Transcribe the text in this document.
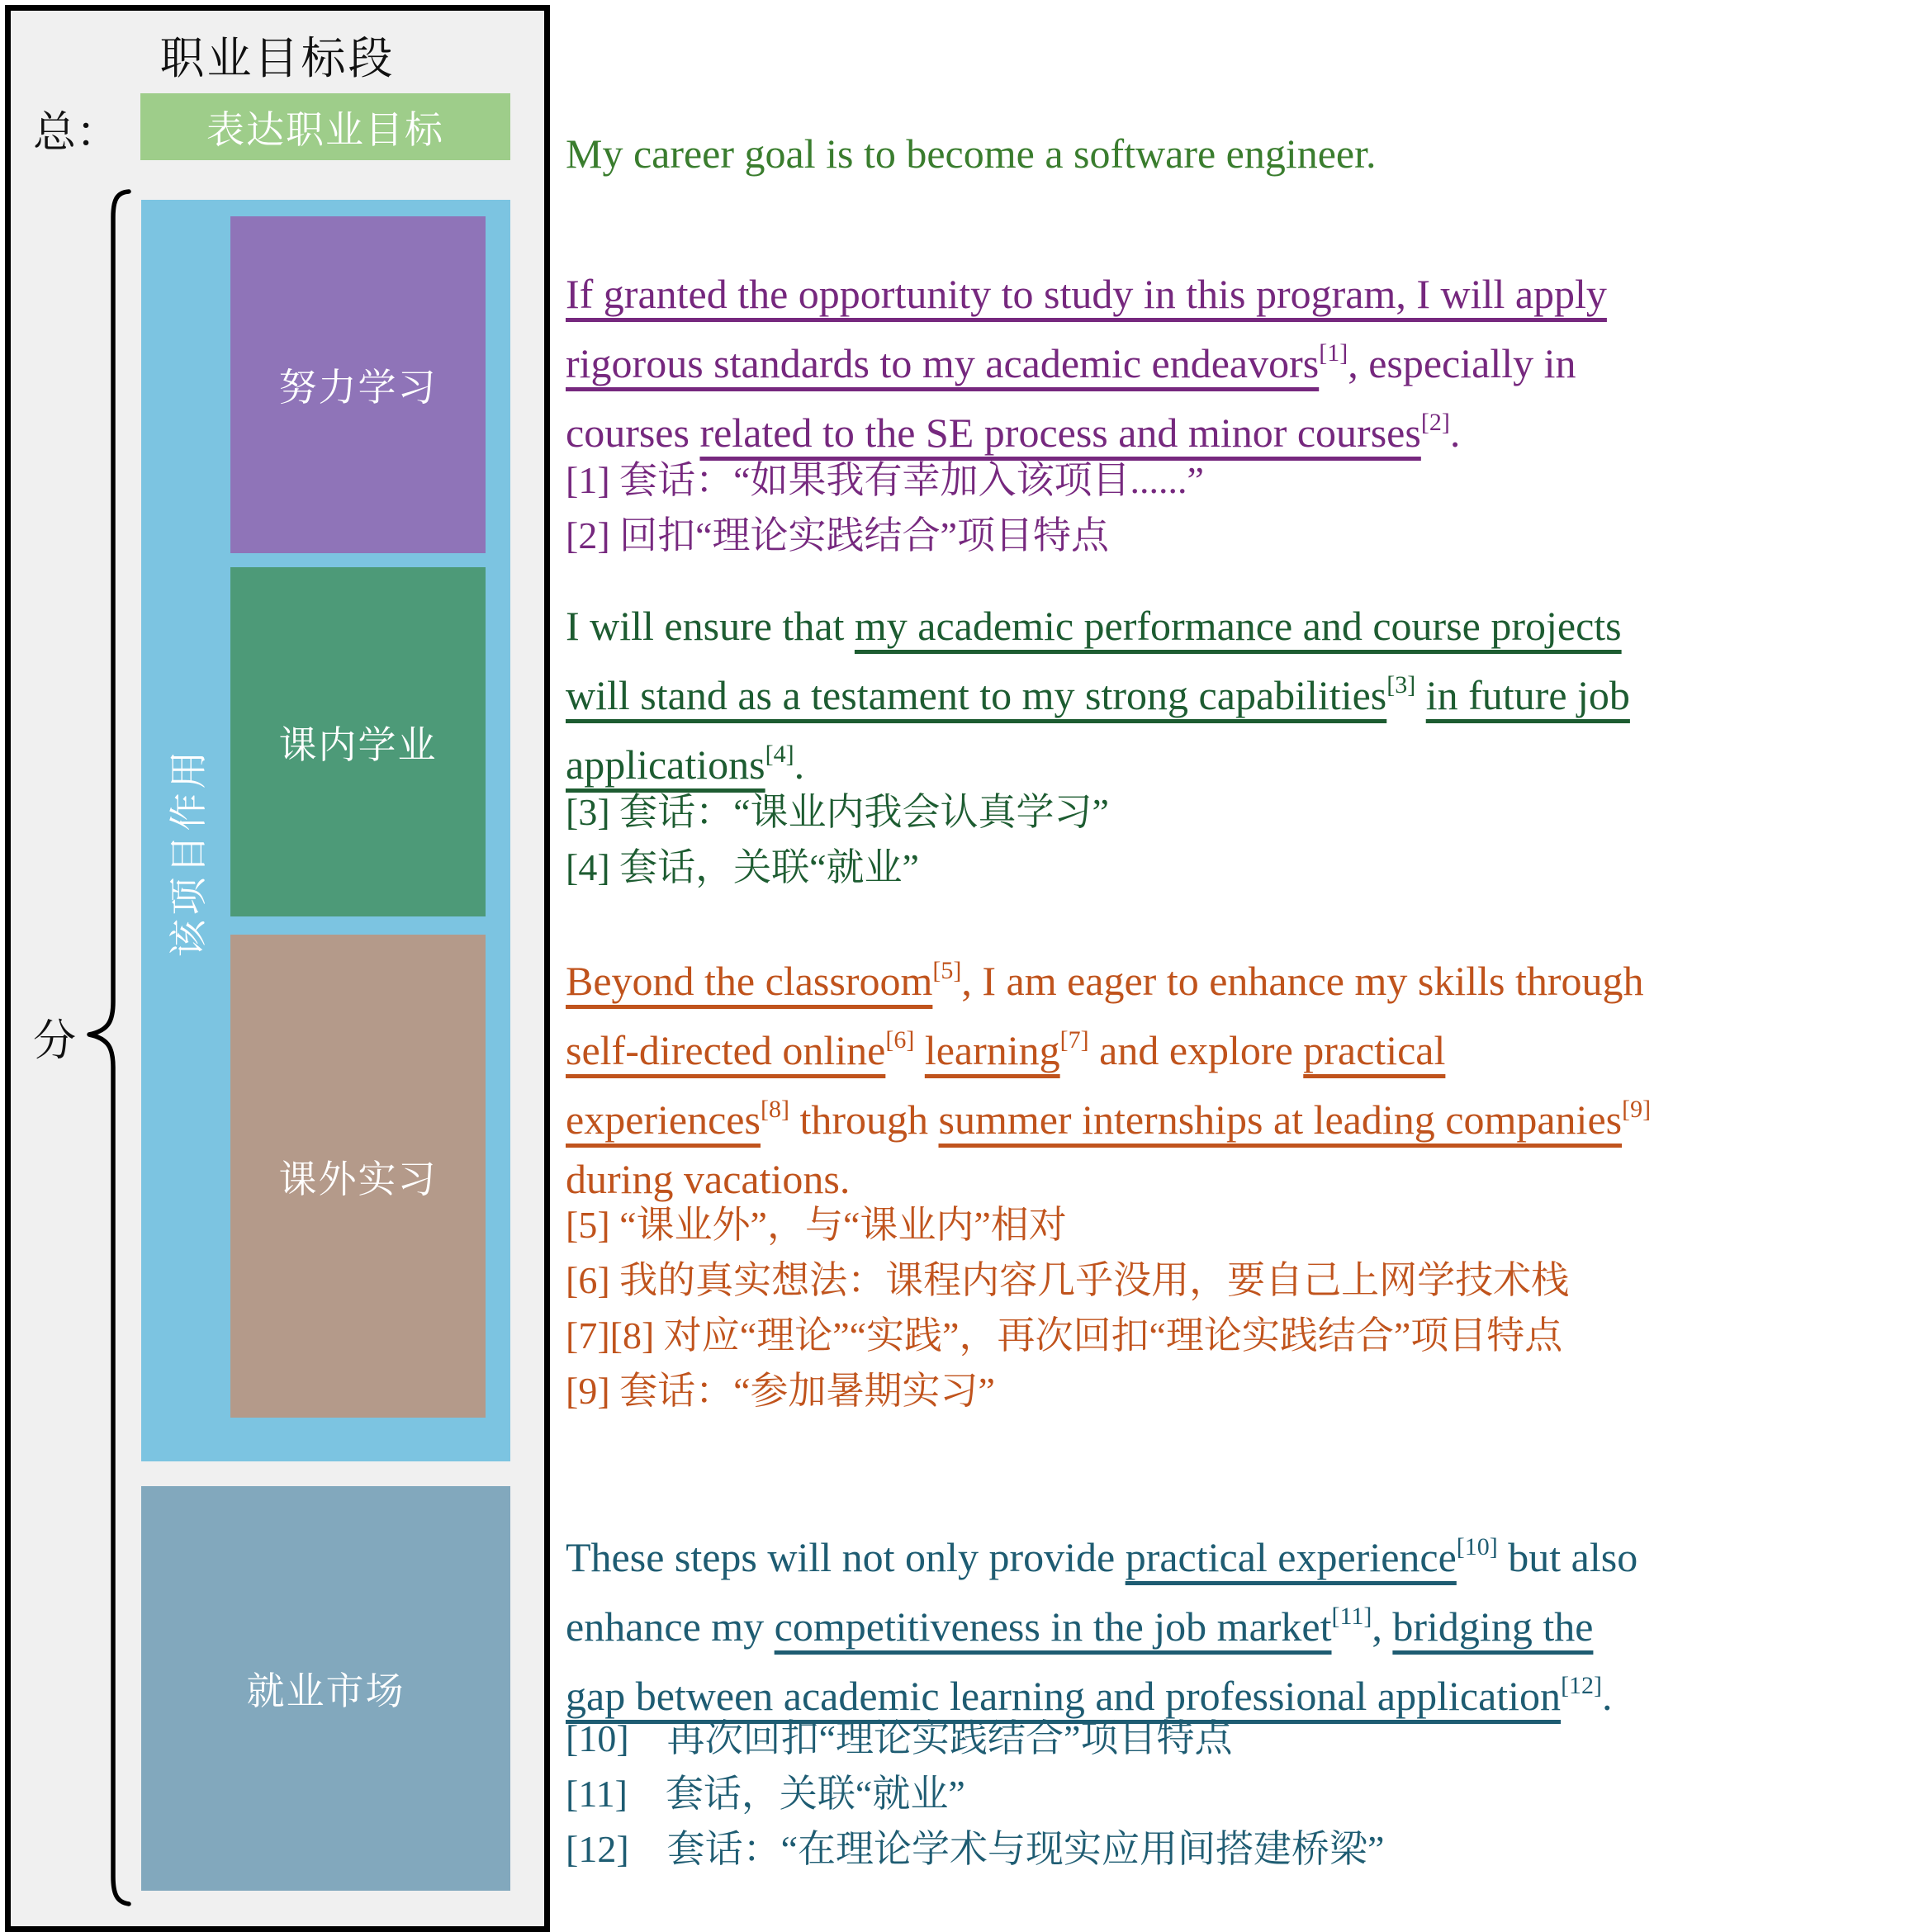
职业目标段
总： 表达职业目标
分
该项目作用
努力学习
课内学业
课外实习
就业市场
My career goal is to become a software engineer.
If granted the opportunity to study in this program, I will apply
rigorous standards to my academic endeavors[1], especially in
courses related to the SE process and minor courses[2].
[1] 套话：“如果我有幸加入该项目......”
[2] 回扣“理论实践结合”项目特点
I will ensure that my academic performance and course projects
will stand as a testament to my strong capabilities[3] in future job
applications[4].
[3] 套话：“课业内我会认真学习”
[4] 套话，关联“就业”
Beyond the classroom[5], I am eager to enhance my skills through
self-directed online[6] learning[7] and explore practical
experiences[8] through summer internships at leading companies[9]
during vacations.
[5] “课业外”，与“课业内”相对
[6] 我的真实想法：课程内容几乎没用，要自己上网学技术栈
[7][8] 对应“理论”“实践”，再次回扣“理论实践结合”项目特点
[9] 套话：“参加暑期实习”
These steps will not only provide practical experience[10] but also
enhance my competitiveness in the job market[11], bridging the
gap between academic learning and professional application[12].
[10]　再次回扣“理论实践结合”项目特点
[11]　套话，关联“就业”
[12]　套话：“在理论学术与现实应用间搭建桥梁”
